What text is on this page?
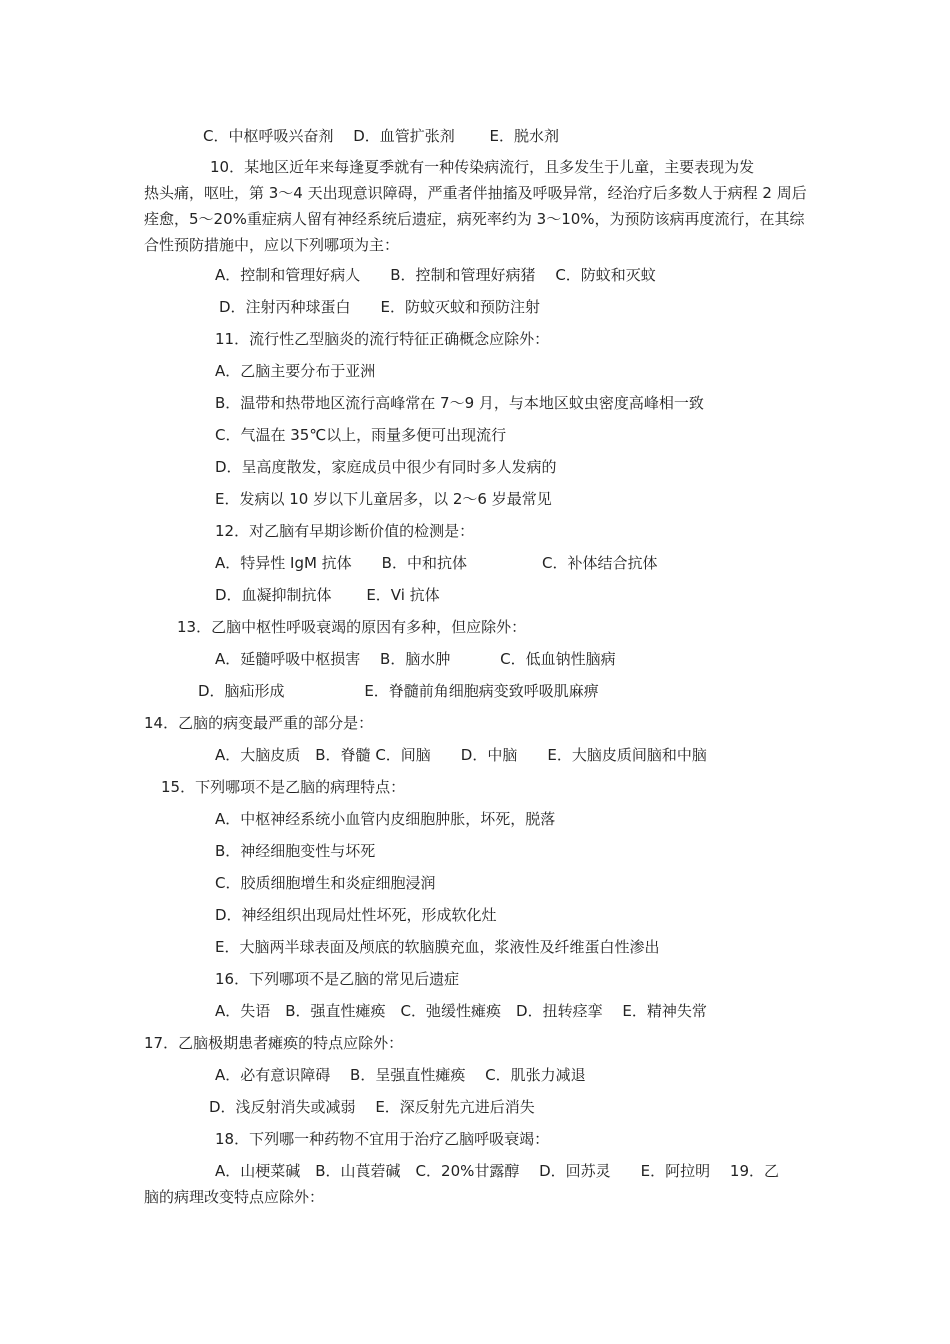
C．中枢呼吸兴奋剂　 D．血管扩张剂　　 E．脱水剂
10．某地区近年来每逢夏季就有一种传染病流行，且多发生于儿童，主要表现为发
热头痛，呕吐，第 3～4 天出现意识障碍，严重者伴抽搐及呼吸异常，经治疗后多数人于病程 2 周后痊愈，5～20%重症病人留有神经系统后遗症，病死率约为 3～10%，为预防该病再度流行，在其综合性预防措施中，应以下列哪项为主：
A．控制和管理好病人　　B．控制和管理好病猪　 C．防蚊和灭蚊
D．注射丙种球蛋白　　E．防蚊灭蚊和预防注射
11．流行性乙型脑炎的流行特征正确概念应除外：
A．乙脑主要分布于亚洲
B．温带和热带地区流行高峰常在 7～9 月，与本地区蚊虫密度高峰相一致
C．气温在 35℃以上，雨量多便可出现流行
D．呈高度散发，家庭成员中很少有同时多人发病的
E．发病以 10 岁以下儿童居多，以 2～6 岁最常见
12．对乙脑有早期诊断价值的检测是：
A．特异性 IgM 抗体　　B．中和抗体　　　　　C．补体结合抗体
D．血凝抑制抗体　　 E．Vi 抗体
13．乙脑中枢性呼吸衰竭的原因有多种，但应除外：
A．延髓呼吸中枢损害　 B．脑水肿　　　 C．低血钠性脑病
D．脑疝形成　　　　　 E．脊髓前角细胞病变致呼吸肌麻痹
14．乙脑的病变最严重的部分是：
A．大脑皮质　B．脊髓 C．间脑　　D．中脑　　E．大脑皮质间脑和中脑
15．下列哪项不是乙脑的病理特点：
A．中枢神经系统小血管内皮细胞肿胀，坏死，脱落
B．神经细胞变性与坏死
C．胶质细胞增生和炎症细胞浸润
D．神经组织出现局灶性坏死，形成软化灶
E．大脑两半球表面及颅底的软脑膜充血，浆液性及纤维蛋白性渗出
16．下列哪项不是乙脑的常见后遗症
A．失语　B．强直性瘫痪　C．弛缓性瘫痪　D．扭转痉挛　 E．精神失常
17．乙脑极期患者瘫痪的特点应除外：
A．必有意识障碍　 B．呈强直性瘫痪　 C．肌张力减退
D．浅反射消失或减弱　 E．深反射先亢进后消失
18．下列哪一种药物不宜用于治疗乙脑呼吸衰竭：
A．山梗菜碱　B．山莨菪碱　C．20%甘露醇　 D．回苏灵　　E．阿拉明　 19．乙
脑的病理改变特点应除外：
